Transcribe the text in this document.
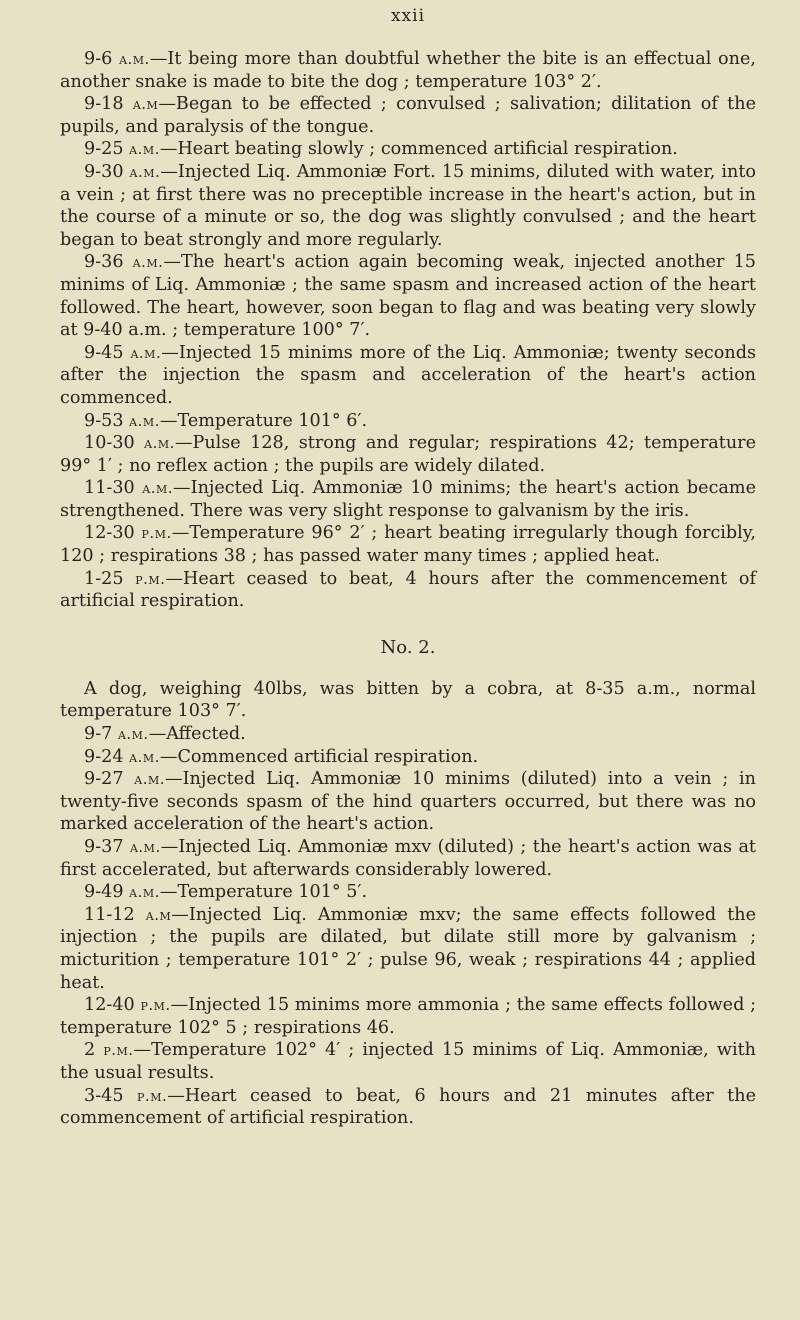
xxii

9-6 a.m.—It being more than doubtful whether the bite is an effectual one, another snake is made to bite the dog ; temperature 103° 2′.

9-18 a.m—Began to be effected ; convulsed ; salivation; dilitation of the pupils, and paralysis of the tongue.

9-25 a.m.—Heart beating slowly ; commenced artificial respiration.

9-30 a.m.—Injected Liq. Ammoniæ Fort. 15 minims, diluted with water, into a vein ; at first there was no preceptible increase in the heart's action, but in the course of a minute or so, the dog was slightly convulsed ; and the heart began to beat strongly and more regularly.

9-36 a.m.—The heart's action again becoming weak, injected another 15 minims of Liq. Ammoniæ ; the same spasm and increased action of the heart followed. The heart, however, soon began to flag and was beating very slowly at 9-40 a.m. ; temperature 100° 7′.

9-45 a.m.—Injected 15 minims more of the Liq. Ammoniæ; twenty seconds after the injection the spasm and acceleration of the heart's action commenced.

9-53 a.m.—Temperature 101° 6′.

10-30 a.m.—Pulse 128, strong and regular; respirations 42; temperature 99° 1′ ; no reflex action ; the pupils are widely dilated.

11-30 a.m.—Injected Liq. Ammoniæ 10 minims; the heart's action became strengthened. There was very slight response to galvanism by the iris.

12-30 p.m.—Temperature 96° 2′ ; heart beating irregularly though forcibly, 120 ; respirations 38 ; has passed water many times ; applied heat.

1-25 p.m.—Heart ceased to beat, 4 hours after the commencement of artificial respiration.

No. 2.

A dog, weighing 40lbs, was bitten by a cobra, at 8-35 a.m., normal temperature 103° 7′.

9-7 a.m.—Affected.

9-24 a.m.—Commenced artificial respiration.

9-27 a.m.—Injected Liq. Ammoniæ 10 minims (diluted) into a vein ; in twenty-five seconds spasm of the hind quarters occurred, but there was no marked acceleration of the heart's action.

9-37 a.m.—Injected Liq. Ammoniæ mxv (diluted) ; the heart's action was at first accelerated, but afterwards considerably lowered.

9-49 a.m.—Temperature 101° 5′.

11-12 a.m—Injected Liq. Ammoniæ mxv; the same effects followed the injection ; the pupils are dilated, but dilate still more by galvanism ; micturition ; temperature 101° 2′ ; pulse 96, weak ; respirations 44 ; applied heat.

12-40 p.m.—Injected 15 minims more ammonia ; the same effects followed ; temperature 102° 5 ; respirations 46.

2 p.m.—Temperature 102° 4′ ; injected 15 minims of Liq. Ammoniæ, with the usual results.

3-45 p.m.—Heart ceased to beat, 6 hours and 21 minutes after the commencement of artificial respiration.
